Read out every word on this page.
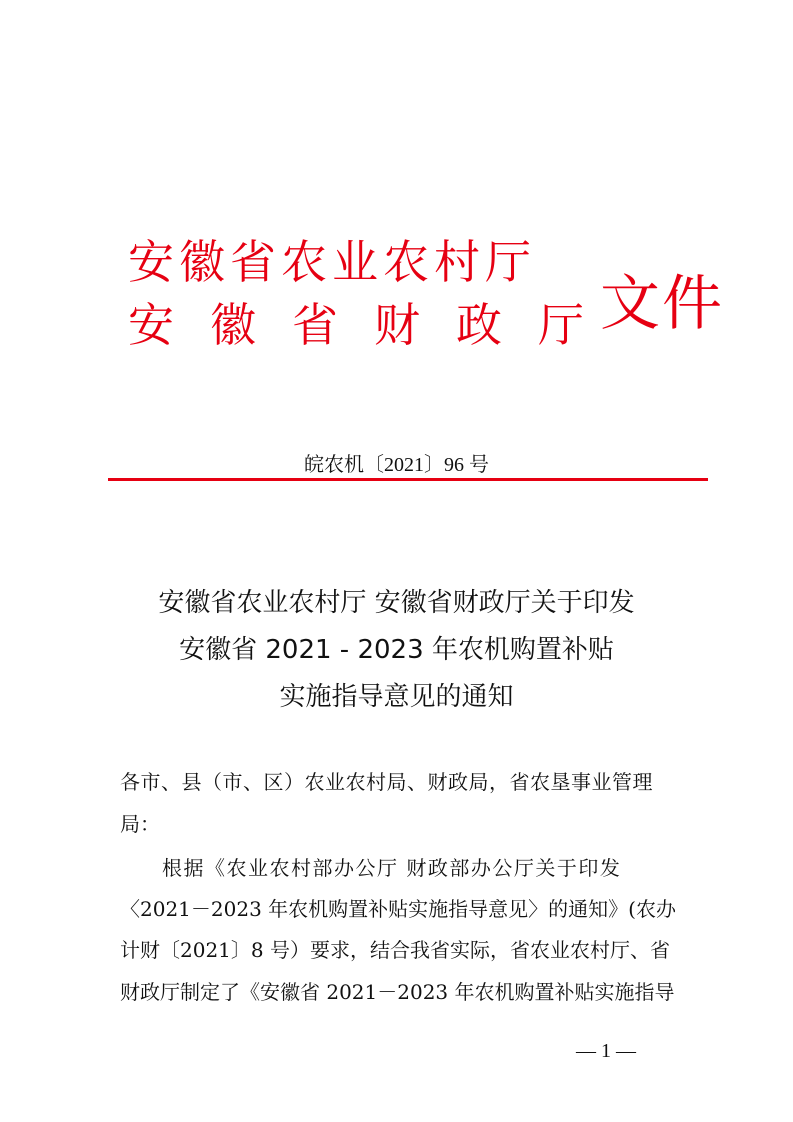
安徽省农业农村厅
安徽省财政厅
文件
皖农机〔2021〕96 号
安徽省农业农村厅 安徽省财政厅关于印发
安徽省 2021 - 2023 年农机购置补贴
实施指导意见的通知
各市、县（市、区）农业农村局、财政局，省农垦事业管理
局：
根据《农业农村部办公厅 财政部办公厅关于印发
〈2021－2023 年农机购置补贴实施指导意见〉的通知》(农办
计财〔2021〕8 号）要求，结合我省实际，省农业农村厅、省
财政厅制定了《安徽省 2021－2023 年农机购置补贴实施指导
— 1 —
